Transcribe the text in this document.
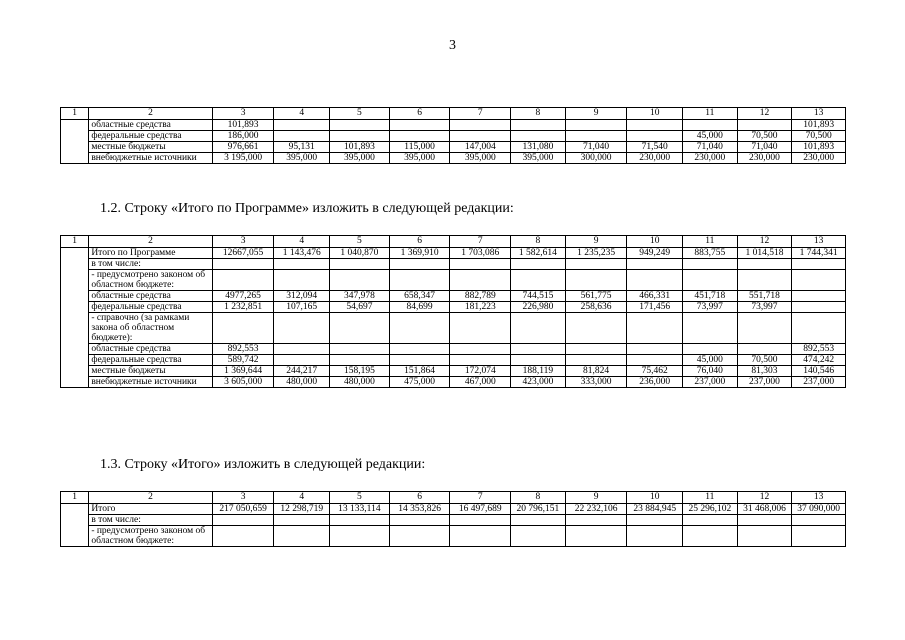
3
1	2	3	4	5	6	7	8	9	10	11	12	13
	областные средства	101,893										101,893
	федеральные средства	186,000								45,000	70,500	70,500
	местные бюджеты	976,661	95,131	101,893	115,000	147,004	131,080	71,040	71,540	71,040	71,040	101,893
	внебюджетные источники	3 195,000	395,000	395,000	395,000	395,000	395,000	300,000	230,000	230,000	230,000	230,000
1.2. Строку «Итого по Программе» изложить в следующей редакции:
1	2	3	4	5	6	7	8	9	10	11	12	13
	Итого по Программе	12667,055	1 143,476	1 040,870	1 369,910	1 703,086	1 582,614	1 235,235	949,249	883,755	1 014,518	1 744,341
	в том числе:											
	- предусмотрено законом об областном бюджете:											
	областные средства	4977,265	312,094	347,978	658,347	882,789	744,515	561,775	466,331	451,718	551,718	
	федеральные средства	1 232,851	107,165	54,697	84,699	181,223	226,980	258,636	171,456	73,997	73,997	
	- справочно (за рамками закона об областном бюджете):											
	областные средства	892,553										892,553
	федеральные средства	589,742								45,000	70,500	474,242
	местные бюджеты	1 369,644	244,217	158,195	151,864	172,074	188,119	81,824	75,462	76,040	81,303	140,546
	внебюджетные источники	3 605,000	480,000	480,000	475,000	467,000	423,000	333,000	236,000	237,000	237,000	237,000
1.3. Строку «Итого» изложить в следующей редакции:
1	2	3	4	5	6	7	8	9	10	11	12	13
	Итого	217 050,659	12 298,719	13 133,114	14 353,826	16 497,689	20 796,151	22 232,106	23 884,945	25 296,102	31 468,006	37 090,000
	в том числе:											
	- предусмотрено законом об областном бюджете:											
